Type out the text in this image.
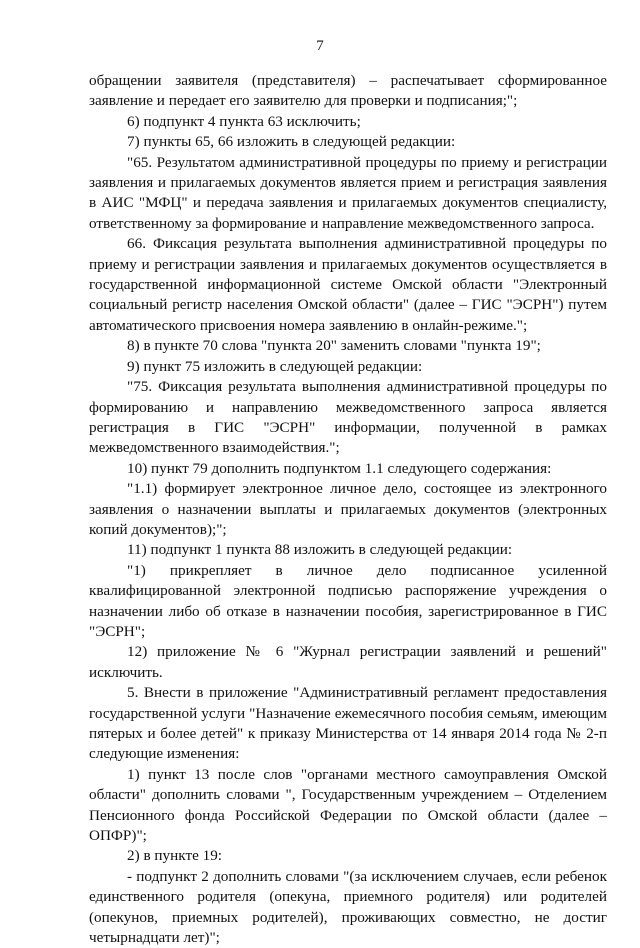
7

обращении заявителя (представителя) – распечатывает сформированное заявление и передает его заявителю для проверки и подписания;";

6) подпункт 4 пункта 63 исключить;

7) пункты 65, 66 изложить в следующей редакции:

"65. Результатом административной процедуры по приему и регистрации заявления и прилагаемых документов является прием и регистрация заявления в АИС "МФЦ" и передача заявления и прилагаемых документов специалисту, ответственному за формирование и направление межведомственного запроса.

66. Фиксация результата выполнения административной процедуры по приему и регистрации заявления и прилагаемых документов осуществляется в государственной информационной системе Омской области "Электронный социальный регистр населения Омской области" (далее – ГИС "ЭСРН") путем автоматического присвоения номера заявлению в онлайн-режиме.";

8) в пункте 70 слова "пункта 20" заменить словами "пункта 19";

9) пункт 75 изложить в следующей редакции:

"75. Фиксация результата выполнения административной процедуры по формированию и направлению межведомственного запроса является регистрация в ГИС "ЭСРН" информации, полученной в рамках межведомственного взаимодействия.";

10) пункт 79 дополнить подпунктом 1.1 следующего содержания:

"1.1) формирует электронное личное дело, состоящее из электронного заявления о назначении выплаты и прилагаемых документов (электронных копий документов);";

11) подпункт 1 пункта 88 изложить в следующей редакции:

"1) прикрепляет в личное дело подписанное усиленной квалифицированной электронной подписью распоряжение учреждения о назначении либо об отказе в назначении пособия, зарегистрированное в ГИС "ЭСРН";

12) приложение № 6 "Журнал регистрации заявлений и решений" исключить.

5. Внести в приложение "Административный регламент предоставления государственной услуги "Назначение ежемесячного пособия семьям, имеющим пятерых и более детей" к приказу Министерства от 14 января 2014 года № 2-п следующие изменения:

1) пункт 13 после слов "органами местного самоуправления Омской области" дополнить словами ", Государственным учреждением – Отделением Пенсионного фонда Российской Федерации по Омской области (далее – ОПФР)";

2) в пункте 19:

- подпункт 2 дополнить словами "(за исключением случаев, если ребенок единственного родителя (опекуна, приемного родителя) или родителей (опекунов, приемных родителей), проживающих совместно, не достиг четырнадцати лет)";
